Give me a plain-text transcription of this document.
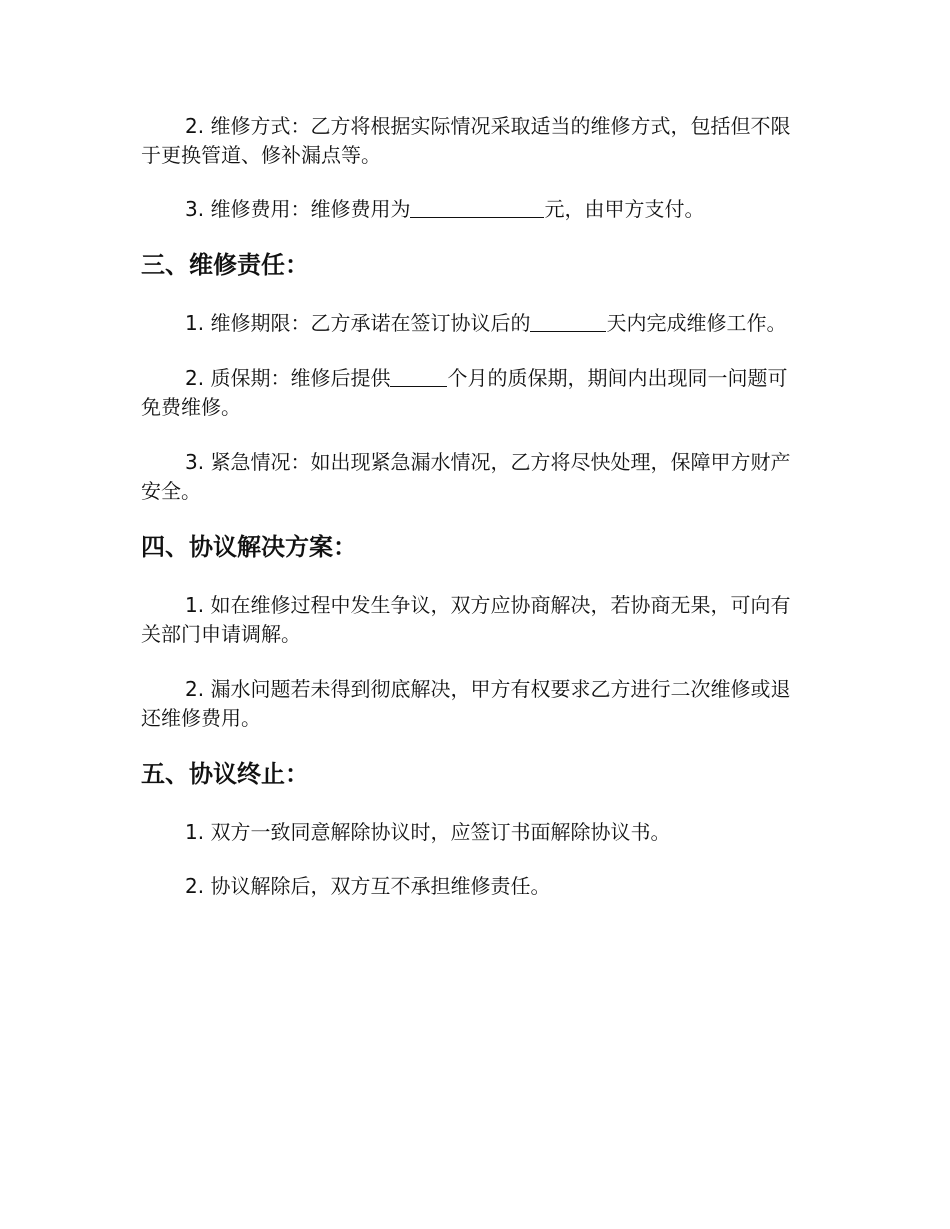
2. 维修方式：乙方将根据实际情况采取适当的维修方式，包括但不限于更换管道、修补漏点等。

3. 维修费用：维修费用为	元，由甲方支付。

三、维修责任：

1. 维修期限：乙方承诺在签订协议后的	天内完成维修工作。

2. 质保期：维修后提供	个月的质保期，期间内出现同一问题可免费维修。

3. 紧急情况：如出现紧急漏水情况，乙方将尽快处理，保障甲方财产安全。

四、协议解决方案：

1. 如在维修过程中发生争议，双方应协商解决，若协商无果，可向有关部门申请调解。

2. 漏水问题若未得到彻底解决，甲方有权要求乙方进行二次维修或退还维修费用。

五、协议终止：

1. 双方一致同意解除协议时，应签订书面解除协议书。

2. 协议解除后，双方互不承担维修责任。
